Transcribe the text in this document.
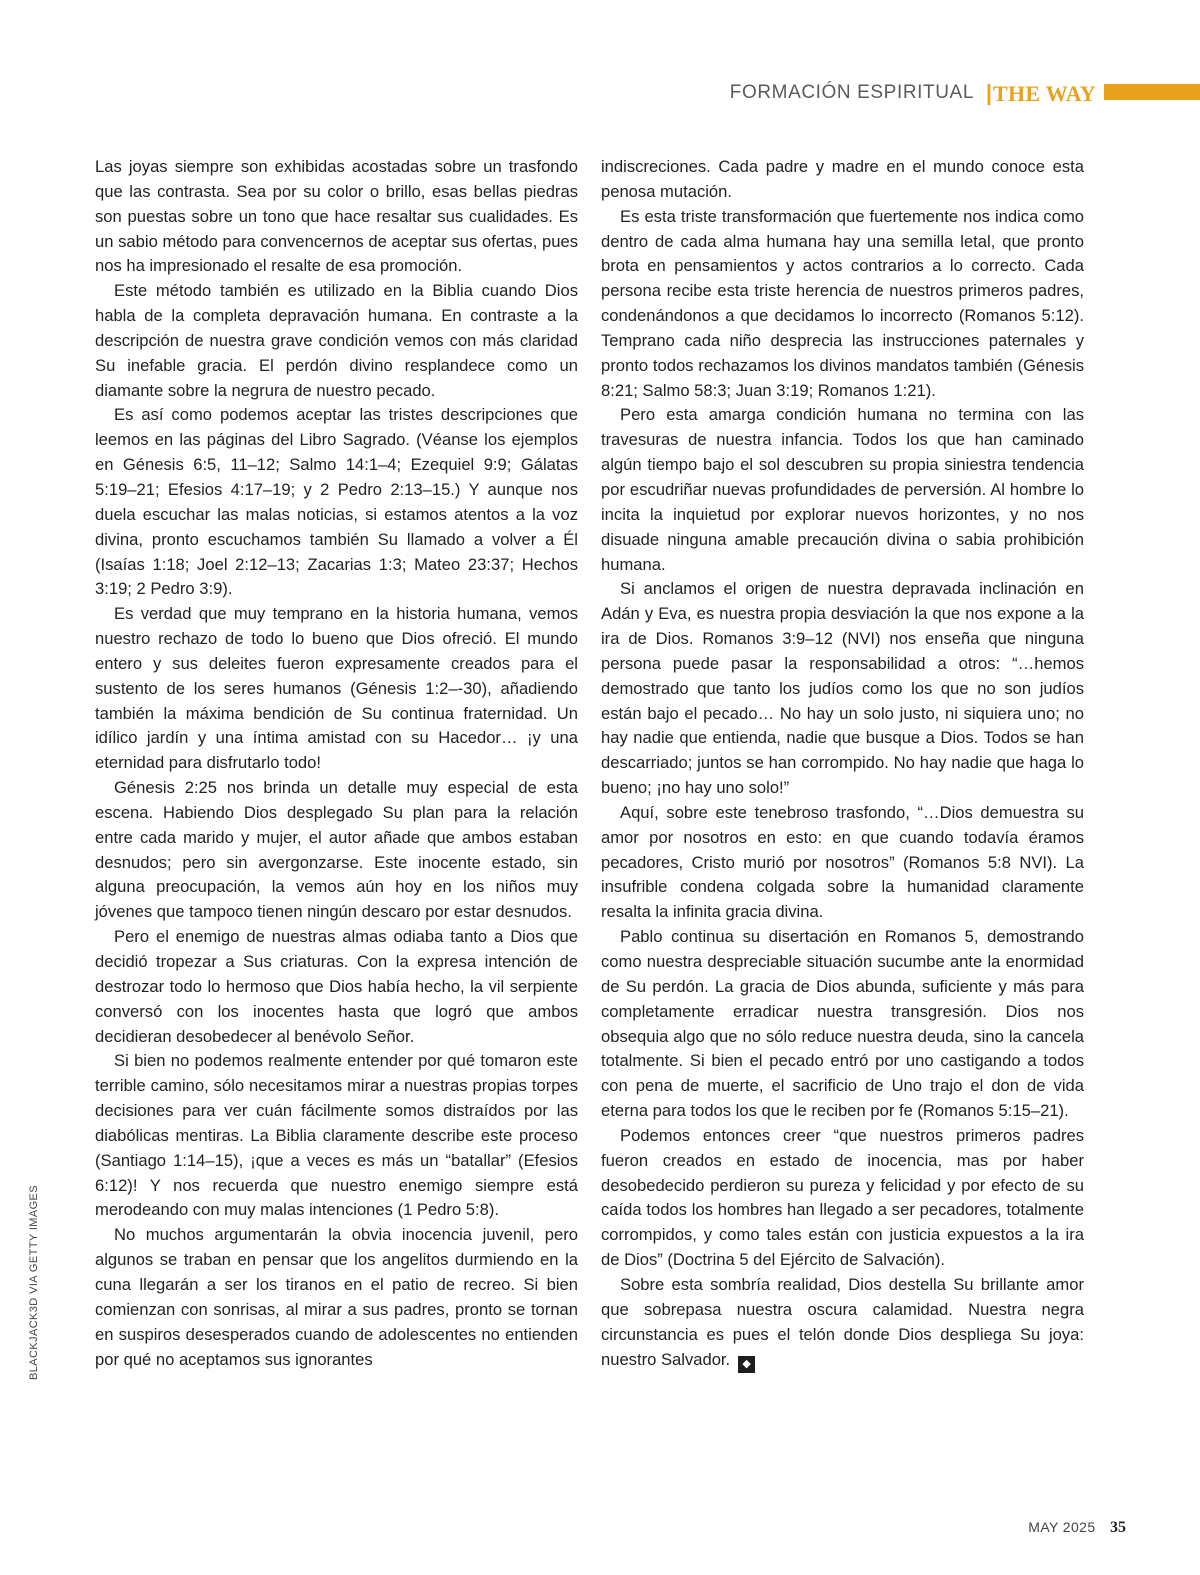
FORMACIÓN ESPIRITUAL | THE WAY

Las joyas siempre son exhibidas acostadas sobre un trasfondo que las contrasta. Sea por su color o brillo, esas bellas piedras son puestas sobre un tono que hace resaltar sus cualidades. Es un sabio método para convencernos de aceptar sus ofertas, pues nos ha impresionado el resalte de esa promoción.

Este método también es utilizado en la Biblia cuando Dios habla de la completa depravación humana. En contraste a la descripción de nuestra grave condición vemos con más claridad Su inefable gracia. El perdón divino resplandece como un diamante sobre la negrura de nuestro pecado.

Es así como podemos aceptar las tristes descripciones que leemos en las páginas del Libro Sagrado. (Véanse los ejemplos en Génesis 6:5, 11–12; Salmo 14:1–4; Ezequiel 9:9; Gálatas 5:19–21; Efesios 4:17–19; y 2 Pedro 2:13–15.) Y aunque nos duela escuchar las malas noticias, si estamos atentos a la voz divina, pronto escuchamos también Su llamado a volver a Él (Isaías 1:18; Joel 2:12–13; Zacarias 1:3; Mateo 23:37; Hechos 3:19; 2 Pedro 3:9).

Es verdad que muy temprano en la historia humana, vemos nuestro rechazo de todo lo bueno que Dios ofreció. El mundo entero y sus deleites fueron expresamente creados para el sustento de los seres humanos (Génesis 1:2–-30), añadiendo también la máxima bendición de Su continua fraternidad. Un idílico jardín y una íntima amistad con su Hacedor… ¡y una eternidad para disfrutarlo todo!

Génesis 2:25 nos brinda un detalle muy especial de esta escena. Habiendo Dios desplegado Su plan para la relación entre cada marido y mujer, el autor añade que ambos estaban desnudos; pero sin avergonzarse. Este inocente estado, sin alguna preocupación, la vemos aún hoy en los niños muy jóvenes que tampoco tienen ningún descaro por estar desnudos.

Pero el enemigo de nuestras almas odiaba tanto a Dios que decidió tropezar a Sus criaturas. Con la expresa intención de destrozar todo lo hermoso que Dios había hecho, la vil serpiente conversó con los inocentes hasta que logró que ambos decidieran desobedecer al benévolo Señor.

Si bien no podemos realmente entender por qué tomaron este terrible camino, sólo necesitamos mirar a nuestras propias torpes decisiones para ver cuán fácilmente somos distraídos por las diabólicas mentiras. La Biblia claramente describe este proceso (Santiago 1:14–15), ¡que a veces es más un “batallar” (Efesios 6:12)! Y nos recuerda que nuestro enemigo siempre está merodeando con muy malas intenciones (1 Pedro 5:8).

No muchos argumentarán la obvia inocencia juvenil, pero algunos se traban en pensar que los angelitos durmiendo en la cuna llegarán a ser los tiranos en el patio de recreo. Si bien comienzan con sonrisas, al mirar a sus padres, pronto se tornan en suspiros desesperados cuando de adolescentes no entienden por qué no aceptamos sus ignorantes

indiscreciones. Cada padre y madre en el mundo conoce esta penosa mutación.

Es esta triste transformación que fuertemente nos indica como dentro de cada alma humana hay una semilla letal, que pronto brota en pensamientos y actos contrarios a lo correcto. Cada persona recibe esta triste herencia de nuestros primeros padres, condenándonos a que decidamos lo incorrecto (Romanos 5:12). Temprano cada niño desprecia las instrucciones paternales y pronto todos rechazamos los divinos mandatos también (Génesis 8:21; Salmo 58:3; Juan 3:19; Romanos 1:21).

Pero esta amarga condición humana no termina con las travesuras de nuestra infancia. Todos los que han caminado algún tiempo bajo el sol descubren su propia siniestra tendencia por escudriñar nuevas profundidades de perversión. Al hombre lo incita la inquietud por explorar nuevos horizontes, y no nos disuade ninguna amable precaución divina o sabia prohibición humana.

Si anclamos el origen de nuestra depravada inclinación en Adán y Eva, es nuestra propia desviación la que nos expone a la ira de Dios. Romanos 3:9–12 (NVI) nos enseña que ninguna persona puede pasar la responsabilidad a otros: “…hemos demostrado que tanto los judíos como los que no son judíos están bajo el pecado… No hay un solo justo, ni siquiera uno; no hay nadie que entienda, nadie que busque a Dios. Todos se han descarriado; juntos se han corrompido. No hay nadie que haga lo bueno; ¡no hay uno solo!”

Aquí, sobre este tenebroso trasfondo, “…Dios demuestra su amor por nosotros en esto: en que cuando todavía éramos pecadores, Cristo murió por nosotros” (Romanos 5:8 NVI). La insufrible condena colgada sobre la humanidad claramente resalta la infinita gracia divina.

Pablo continua su disertación en Romanos 5, demostrando como nuestra despreciable situación sucumbe ante la enormidad de Su perdón. La gracia de Dios abunda, suficiente y más para completamente erradicar nuestra transgresión. Dios nos obsequia algo que no sólo reduce nuestra deuda, sino la cancela totalmente. Si bien el pecado entró por uno castigando a todos con pena de muerte, el sacrificio de Uno trajo el don de vida eterna para todos los que le reciben por fe (Romanos 5:15–21).

Podemos entonces creer “que nuestros primeros padres fueron creados en estado de inocencia, mas por haber desobedecido perdieron su pureza y felicidad y por efecto de su caída todos los hombres han llegado a ser pecadores, totalmente corrompidos, y como tales están con justicia expuestos a la ira de Dios” (Doctrina 5 del Ejército de Salvación).

Sobre esta sombría realidad, Dios destella Su brillante amor que sobrepasa nuestra oscura calamidad. Nuestra negra circunstancia es pues el telón donde Dios despliega Su joya: nuestro Salvador. ◆

BLACKJACK3D VIA GETTY IMAGES
MAY 2025 35
